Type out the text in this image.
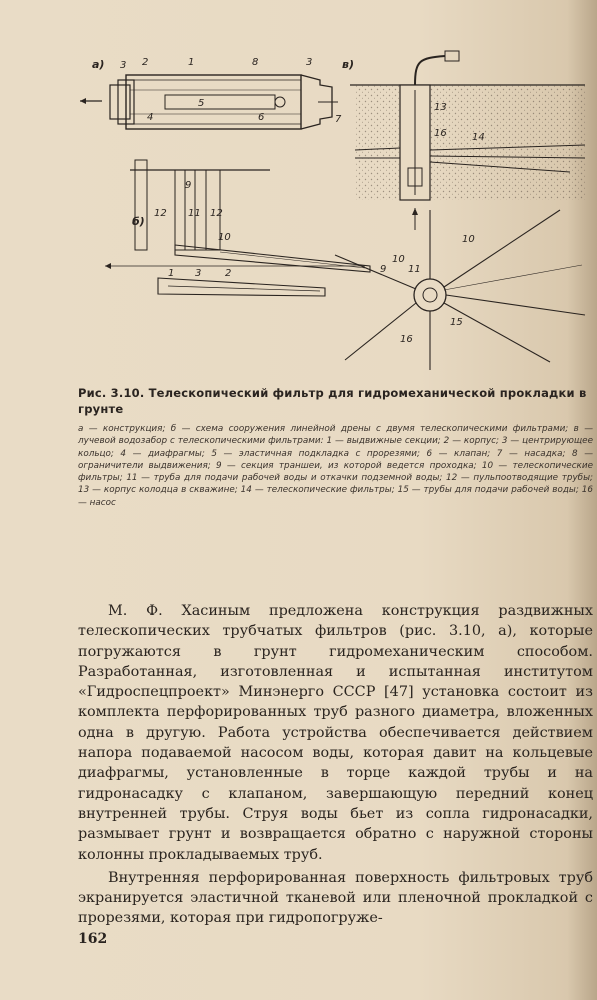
а)
б)
в)
3 2	1	8	3
4
5
6	7
9
12 11 12
10
1 3 2
13
16	14
10
9
10
11
15
16
Рис. 3.10. Телескопический фильтр для гидромеханической прокладки в грунте
а — конструкция; б — схема сооружения линейной дрены с двумя телескопическими фильтрами; в — лучевой водозабор с телескопическими фильтрами: 1 — выдвижные секции; 2 — корпус; 3 — центрирующее кольцо; 4 — диафрагмы; 5 — эластичная подкладка с прорезями; 6 — клапан; 7 — насадка; 8 — ограничители выдвижения; 9 — секция траншеи, из которой ведется проходка; 10 — телескопические фильтры; 11 — труба для подачи рабочей воды и откачки подземной воды; 12 — пульпоотводящие трубы; 13 — корпус колодца в скважине; 14 — телескопические фильтры; 15 — трубы для подачи рабочей воды; 16 — насос

М. Ф. Хасиным предложена конструкция раздвижных телескопических трубчатых фильтров (рис. 3.10, а), которые погружаются в грунт гидромеханическим способом. Разработанная, изготовленная и испытанная институтом «Гидроспецпроект» Минэнерго СССР [47] установка состоит из комплекта перфорированных труб разного диаметра, вложенных одна в другую. Работа устройства обеспечивается действием напора подаваемой насосом воды, которая давит на кольцевые диафрагмы, установленные в торце каждой трубы и на гидронасадку с клапаном, завершающую передний конец внутренней трубы. Струя воды бьет из сопла гидронасадки, размывает грунт и возвращается обратно с наружной стороны колонны прокладываемых труб.

Внутренняя перфорированная поверхность фильтровых труб экранируется эластичной тканевой или пленочной прокладкой с прорезями, которая при гидропогруже-

162
